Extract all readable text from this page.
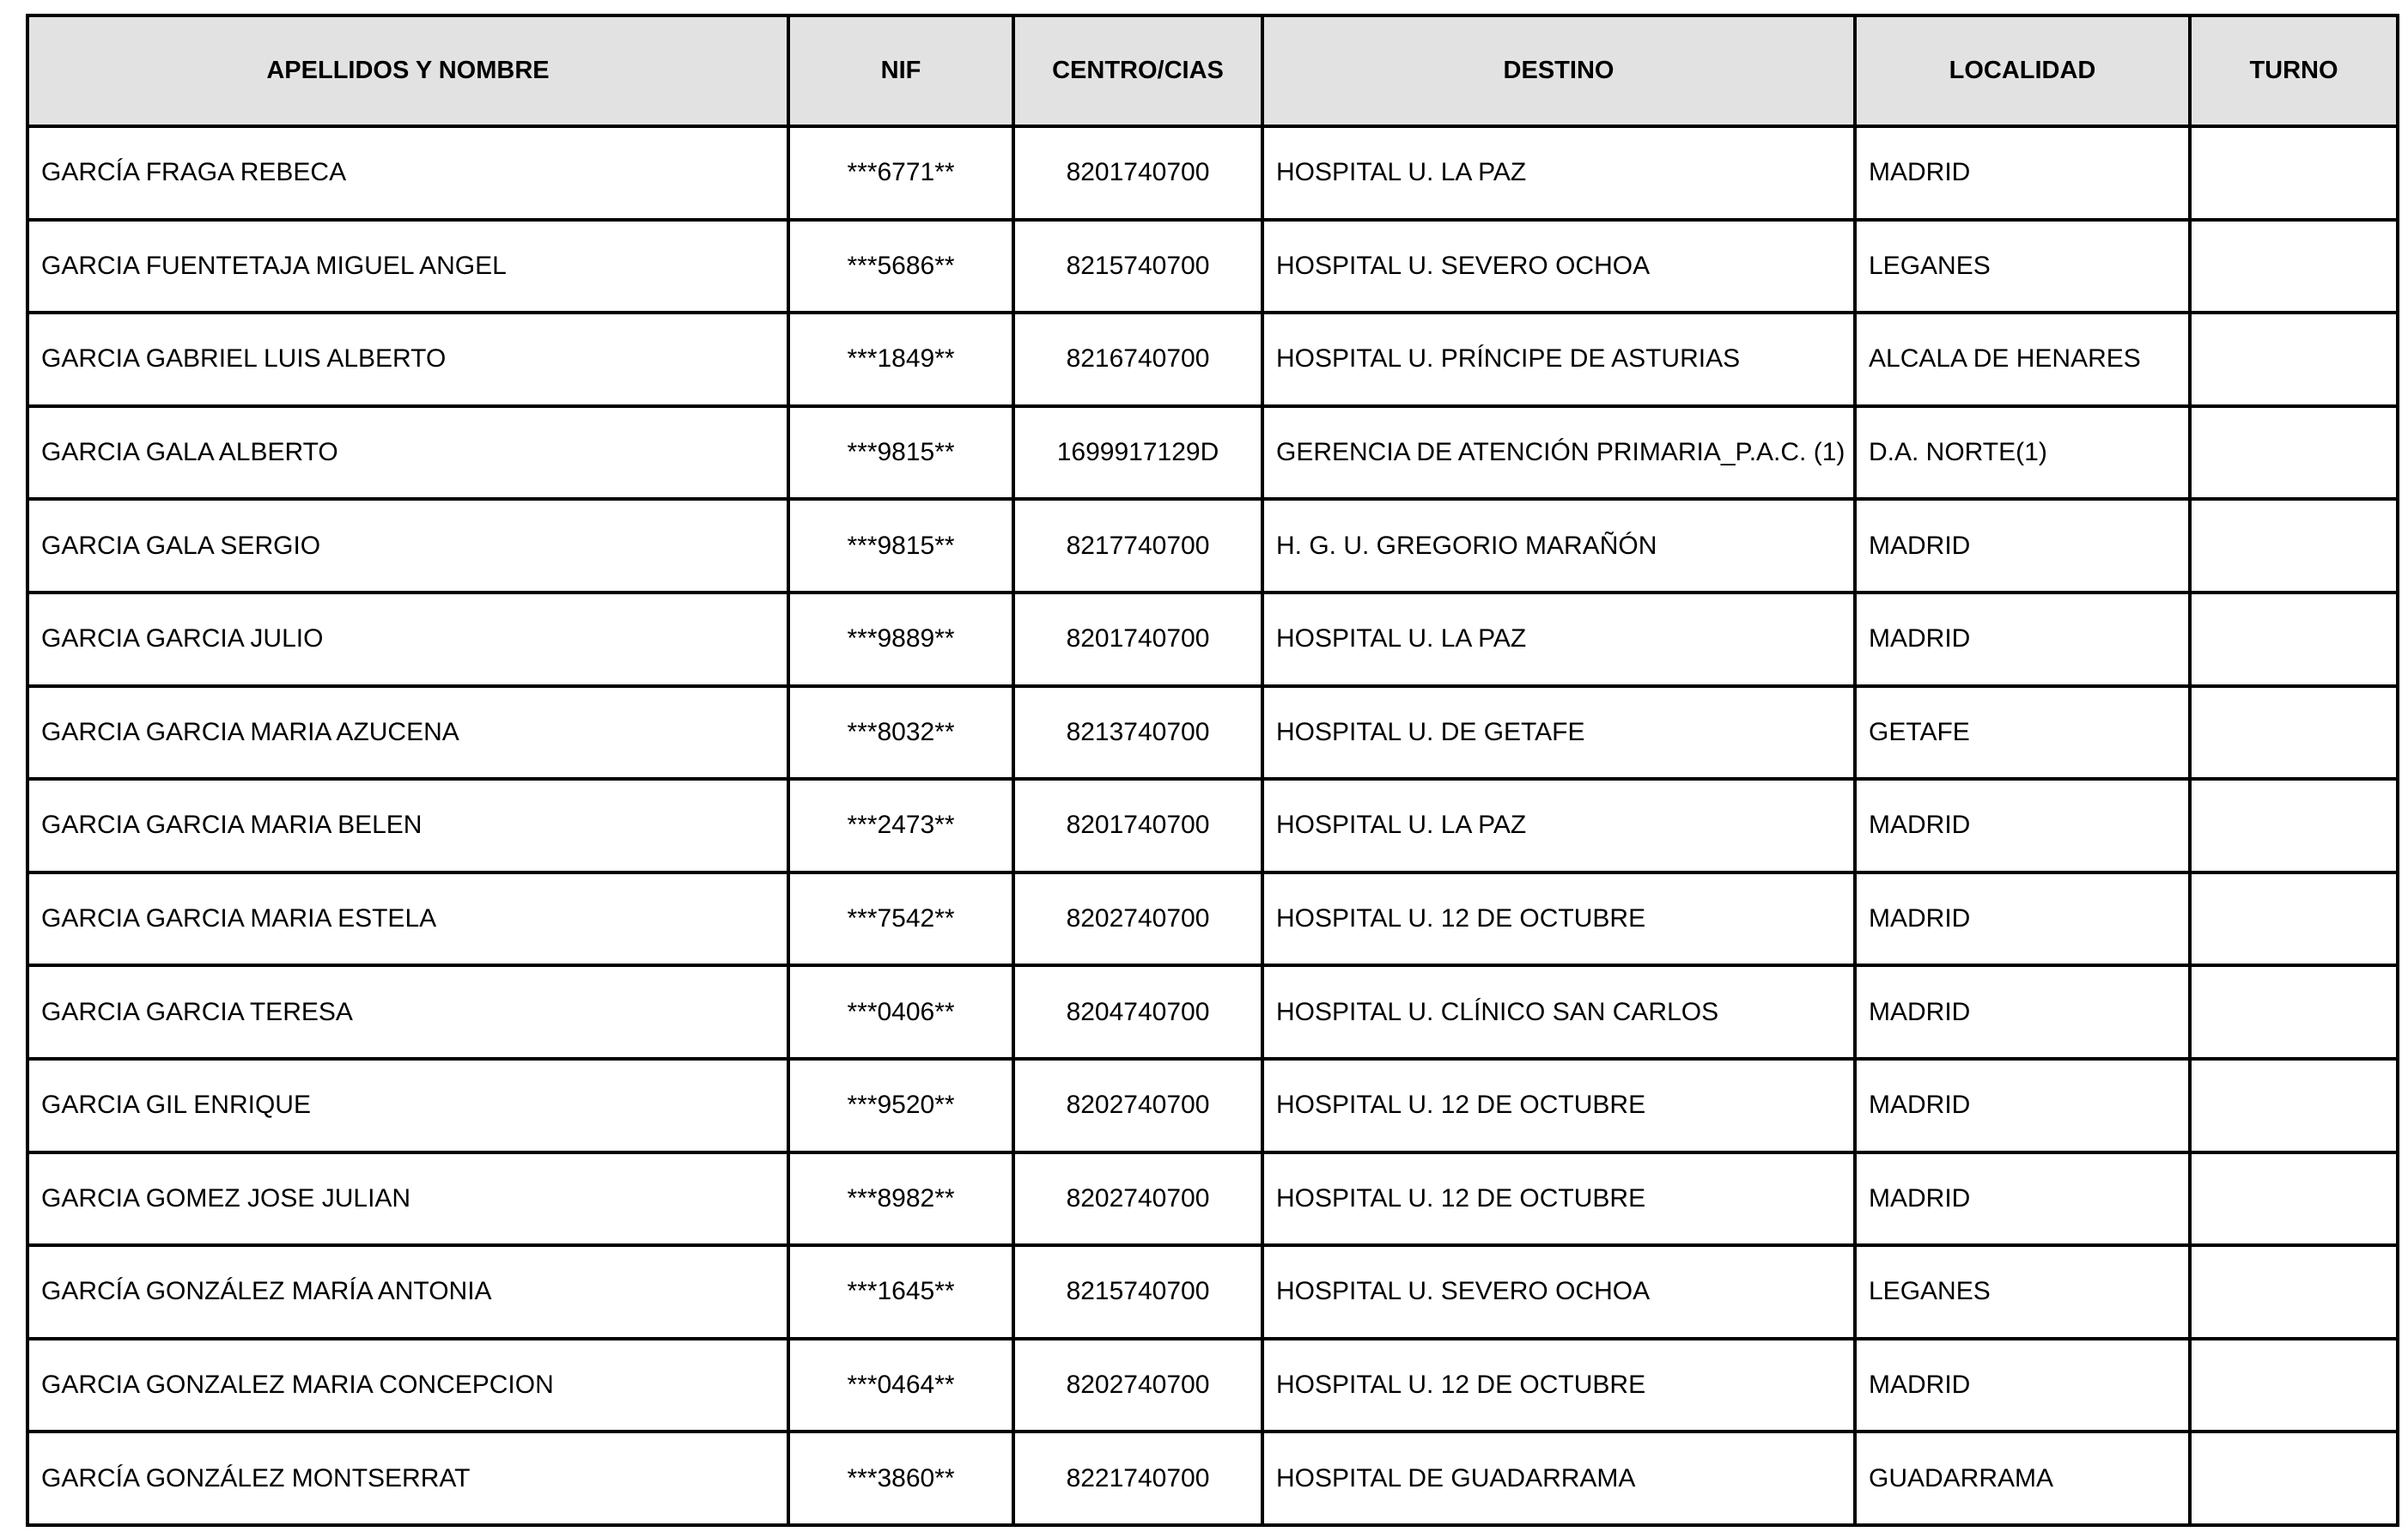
APELLIDOS Y NOMBRE	NIF	CENTRO/CIAS	DESTINO	LOCALIDAD	TURNO
GARCÍA FRAGA REBECA	***6771**	8201740700	HOSPITAL U. LA PAZ	MADRID	
GARCIA FUENTETAJA MIGUEL ANGEL	***5686**	8215740700	HOSPITAL U. SEVERO OCHOA	LEGANES	
GARCIA GABRIEL LUIS ALBERTO	***1849**	8216740700	HOSPITAL U. PRÍNCIPE DE ASTURIAS	ALCALA DE HENARES	
GARCIA GALA ALBERTO	***9815**	1699917129D	GERENCIA DE ATENCIÓN PRIMARIA_P.A.C. (1)	D.A. NORTE(1)	
GARCIA GALA SERGIO	***9815**	8217740700	H. G. U. GREGORIO MARAÑÓN	MADRID	
GARCIA GARCIA JULIO	***9889**	8201740700	HOSPITAL U. LA PAZ	MADRID	
GARCIA GARCIA MARIA AZUCENA	***8032**	8213740700	HOSPITAL U. DE GETAFE	GETAFE	
GARCIA GARCIA MARIA BELEN	***2473**	8201740700	HOSPITAL U. LA PAZ	MADRID	
GARCIA GARCIA MARIA ESTELA	***7542**	8202740700	HOSPITAL U. 12 DE OCTUBRE	MADRID	
GARCIA GARCIA TERESA	***0406**	8204740700	HOSPITAL U. CLÍNICO SAN CARLOS	MADRID	
GARCIA GIL ENRIQUE	***9520**	8202740700	HOSPITAL U. 12 DE OCTUBRE	MADRID	
GARCIA GOMEZ JOSE JULIAN	***8982**	8202740700	HOSPITAL U. 12 DE OCTUBRE	MADRID	
GARCÍA GONZÁLEZ MARÍA ANTONIA	***1645**	8215740700	HOSPITAL U. SEVERO OCHOA	LEGANES	
GARCIA GONZALEZ MARIA CONCEPCION	***0464**	8202740700	HOSPITAL U. 12 DE OCTUBRE	MADRID	
GARCÍA GONZÁLEZ MONTSERRAT	***3860**	8221740700	HOSPITAL DE GUADARRAMA	GUADARRAMA	
